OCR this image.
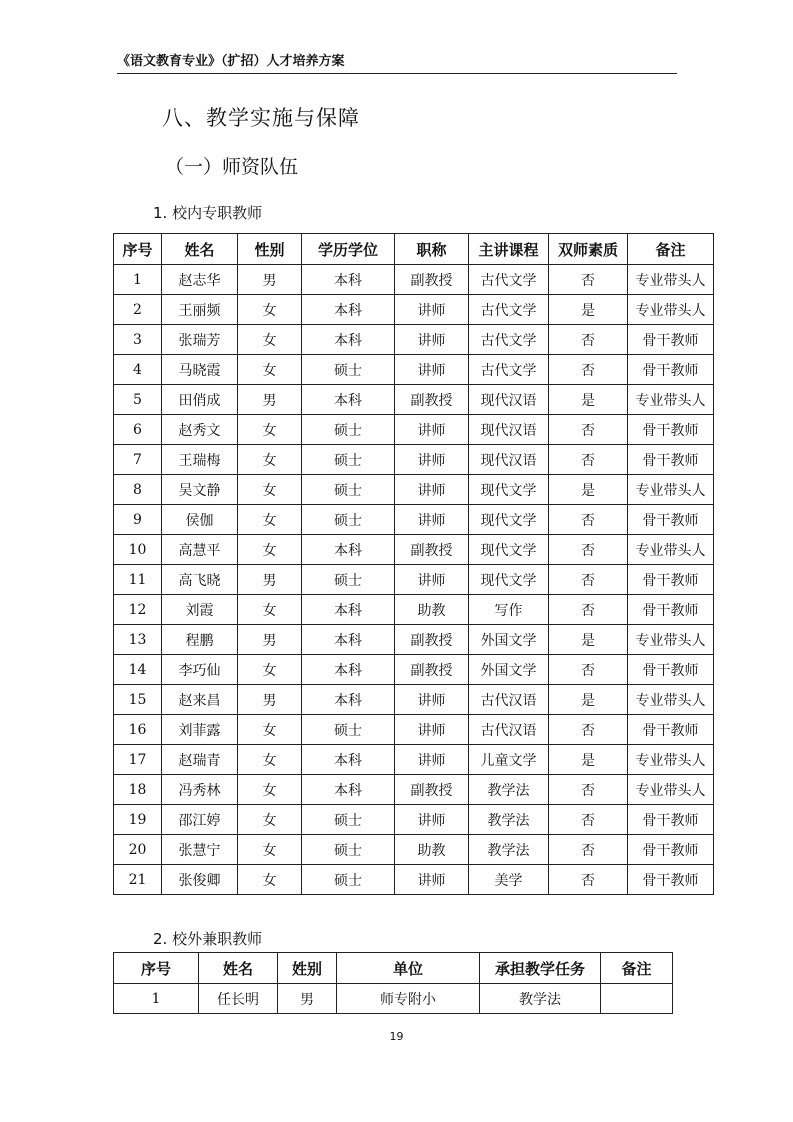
《语文教育专业》（扩招）人才培养方案
八、教学实施与保障
（一）师资队伍
1. 校内专职教师
序号	姓名	性别	学历学位	职称	主讲课程	双师素质	备注
1	赵志华	男	本科	副教授	古代文学	否	专业带头人
2	王丽频	女	本科	讲师	古代文学	是	专业带头人
3	张瑞芳	女	本科	讲师	古代文学	否	骨干教师
4	马晓霞	女	硕士	讲师	古代文学	否	骨干教师
5	田俏成	男	本科	副教授	现代汉语	是	专业带头人
6	赵秀文	女	硕士	讲师	现代汉语	否	骨干教师
7	王瑞梅	女	硕士	讲师	现代汉语	否	骨干教师
8	吴文静	女	硕士	讲师	现代文学	是	专业带头人
9	侯伽	女	硕士	讲师	现代文学	否	骨干教师
10	高慧平	女	本科	副教授	现代文学	否	专业带头人
11	高飞晓	男	硕士	讲师	现代文学	否	骨干教师
12	刘霞	女	本科	助教	写作	否	骨干教师
13	程鹏	男	本科	副教授	外国文学	是	专业带头人
14	李巧仙	女	本科	副教授	外国文学	否	骨干教师
15	赵来昌	男	本科	讲师	古代汉语	是	专业带头人
16	刘菲露	女	硕士	讲师	古代汉语	否	骨干教师
17	赵瑞青	女	本科	讲师	儿童文学	是	专业带头人
18	冯秀林	女	本科	副教授	教学法	否	专业带头人
19	邵江婷	女	硕士	讲师	教学法	否	骨干教师
20	张慧宁	女	硕士	助教	教学法	否	骨干教师
21	张俊卿	女	硕士	讲师	美学	否	骨干教师
2. 校外兼职教师
序号	姓名	姓别	单位	承担教学任务	备注
1	任长明	男	师专附小	教学法	
19
